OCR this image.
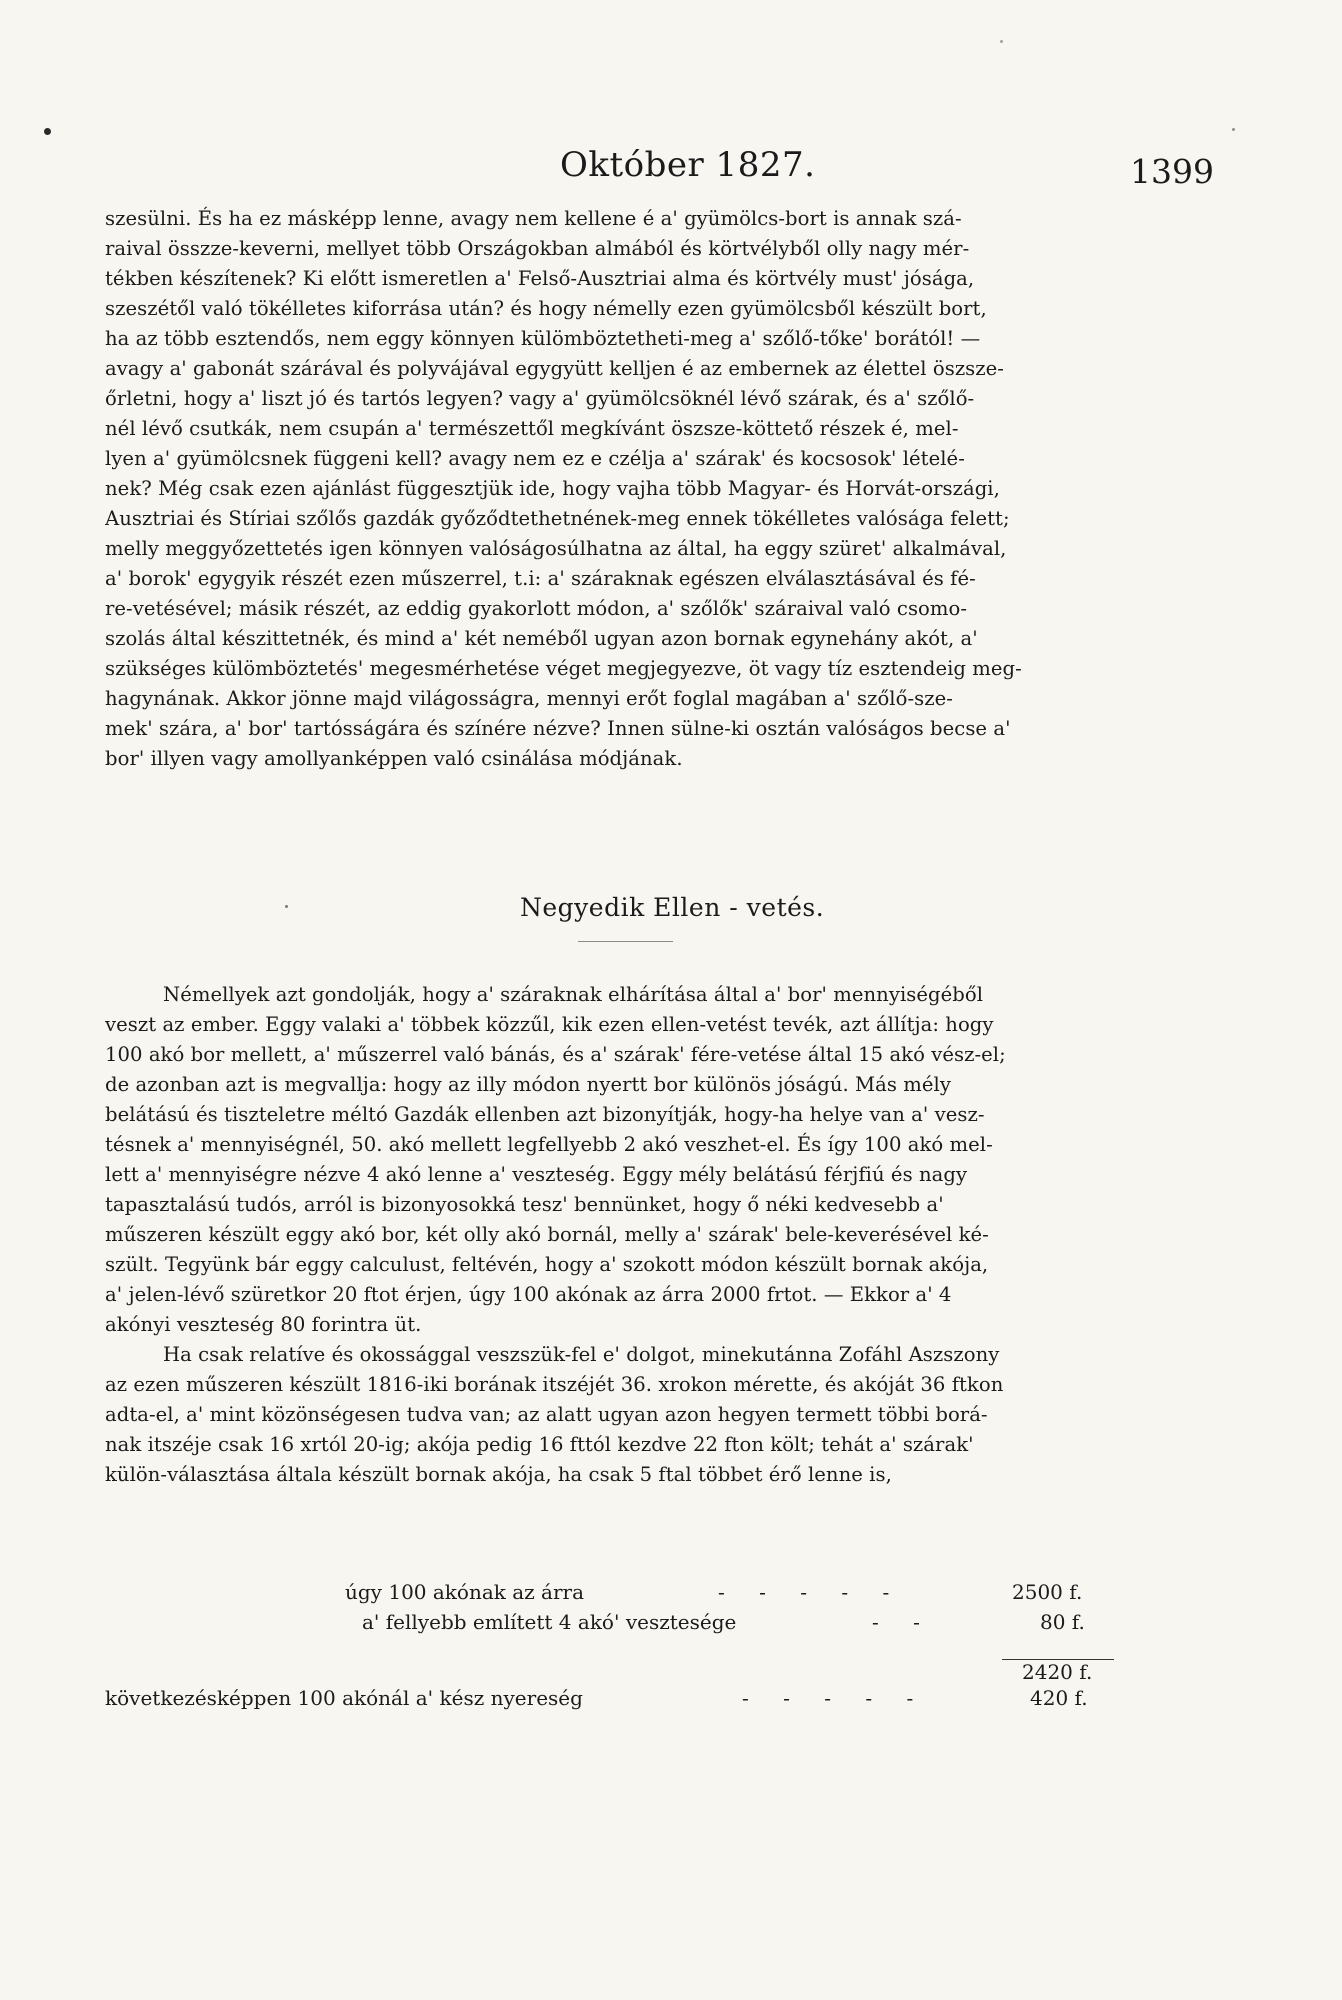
Október 1827.	1399
szesülni. És ha ez másképp lenne, avagy nem kellene é a' gyümölcs-bort is annak szá-
raival összze-keverni, mellyet több Országokban almából és körtvélyből olly nagy mér-
tékben készítenek? Ki előtt ismeretlen a' Felső-Ausztriai alma és körtvély must' jósága,
szeszétől való tökélletes kiforrása után? és hogy némelly ezen gyümölcsből készült bort,
ha az több esztendős, nem eggy könnyen külömböztetheti-meg a' szőlő-tőke' borától! —
avagy a' gabonát szárával és polyvájával egygyütt kelljen é az embernek az élettel öszsze-
őrletni, hogy a' liszt jó és tartós legyen? vagy a' gyümölcsöknél lévő szárak, és a' szőlő-
nél lévő csutkák, nem csupán a' természettől megkívánt öszsze-köttető részek é, mel-
lyen a' gyümölcsnek függeni kell? avagy nem ez e czélja a' szárak' és kocsosok' lételé-
nek? Még csak ezen ajánlást függesztjük ide, hogy vajha több Magyar- és Horvát-országi,
Ausztriai és Stíriai szőlős gazdák győződtethetnének-meg ennek tökélletes valósága felett;
melly meggyőzettetés igen könnyen valóságosúlhatna az által, ha eggy szüret' alkalmával,
a' borok' egygyik részét ezen műszerrel, t.i: a' száraknak egészen elválasztásával és fé-
re-vetésével; másik részét, az eddig gyakorlott módon, a' szőlők' száraival való csomo-
szolás által készittetnék, és mind a' két neméből ugyan azon bornak egynehány akót, a'
szükséges külömböztetés' megesmérhetése véget megjegyezve, öt vagy tíz esztendeig meg-
hagynának. Akkor jönne majd világosságra, mennyi erőt foglal magában a' szőlő-sze-
mek' szára, a' bor' tartósságára és színére nézve? Innen sülne-ki osztán valóságos becse a'
bor' illyen vagy amollyanképpen való csinálása módjának.
Negyedik Ellen - vetés.
Némellyek azt gondolják, hogy a' száraknak elhárítása által a' bor' mennyiségéből
veszt az ember. Eggy valaki a' többek közzűl, kik ezen ellen-vetést tevék, azt állítja: hogy
100 akó bor mellett, a' műszerrel való bánás, és a' szárak' fére-vetése által 15 akó vész-el;
de azonban azt is megvallja: hogy az illy módon nyertt bor különös jóságú. Más mély
belátású és tiszteletre méltó Gazdák ellenben azt bizonyítják, hogy-ha helye van a' vesz-
tésnek a' mennyiségnél, 50. akó mellett legfellyebb 2 akó veszhet-el. És így 100 akó mel-
lett a' mennyiségre nézve 4 akó lenne a' veszteség. Eggy mély belátású férjfiú és nagy
tapasztalású tudós, arról is bizonyosokká tesz' bennünket, hogy ő néki kedvesebb a'
műszeren készült eggy akó bor, két olly akó bornál, melly a' szárak' bele-keverésével ké-
szült. Tegyünk bár eggy calculust, feltévén, hogy a' szokott módon készült bornak akója,
a' jelen-lévő szüretkor 20 ftot érjen, úgy 100 akónak az árra 2000 frtot. — Ekkor a' 4
akónyi veszteség 80 forintra üt.
Ha csak relatíve és okossággal veszszük-fel e' dolgot, minekutánna Zofáhl Aszszony
az ezen műszeren készült 1816-iki borának itszéjét 36. xrokon mérette, és akóját 36 ftkon
adta-el, a' mint közönségesen tudva van; az alatt ugyan azon hegyen termett többi borá-
nak itszéje csak 16 xrtól 20-ig; akója pedig 16 fttól kezdve 22 fton költ; tehát a' szárak'
külön-választása általa készült bornak akója, ha csak 5 ftal többet érő lenne is,
úgy 100 akónak az árra	- - - - -	2500 f.
a' fellyebb említett 4 akó' vesztesége	- -	80 f.
2420 f.
következésképpen 100 akónál a' kész nyereség	- - - - -	420 f.
